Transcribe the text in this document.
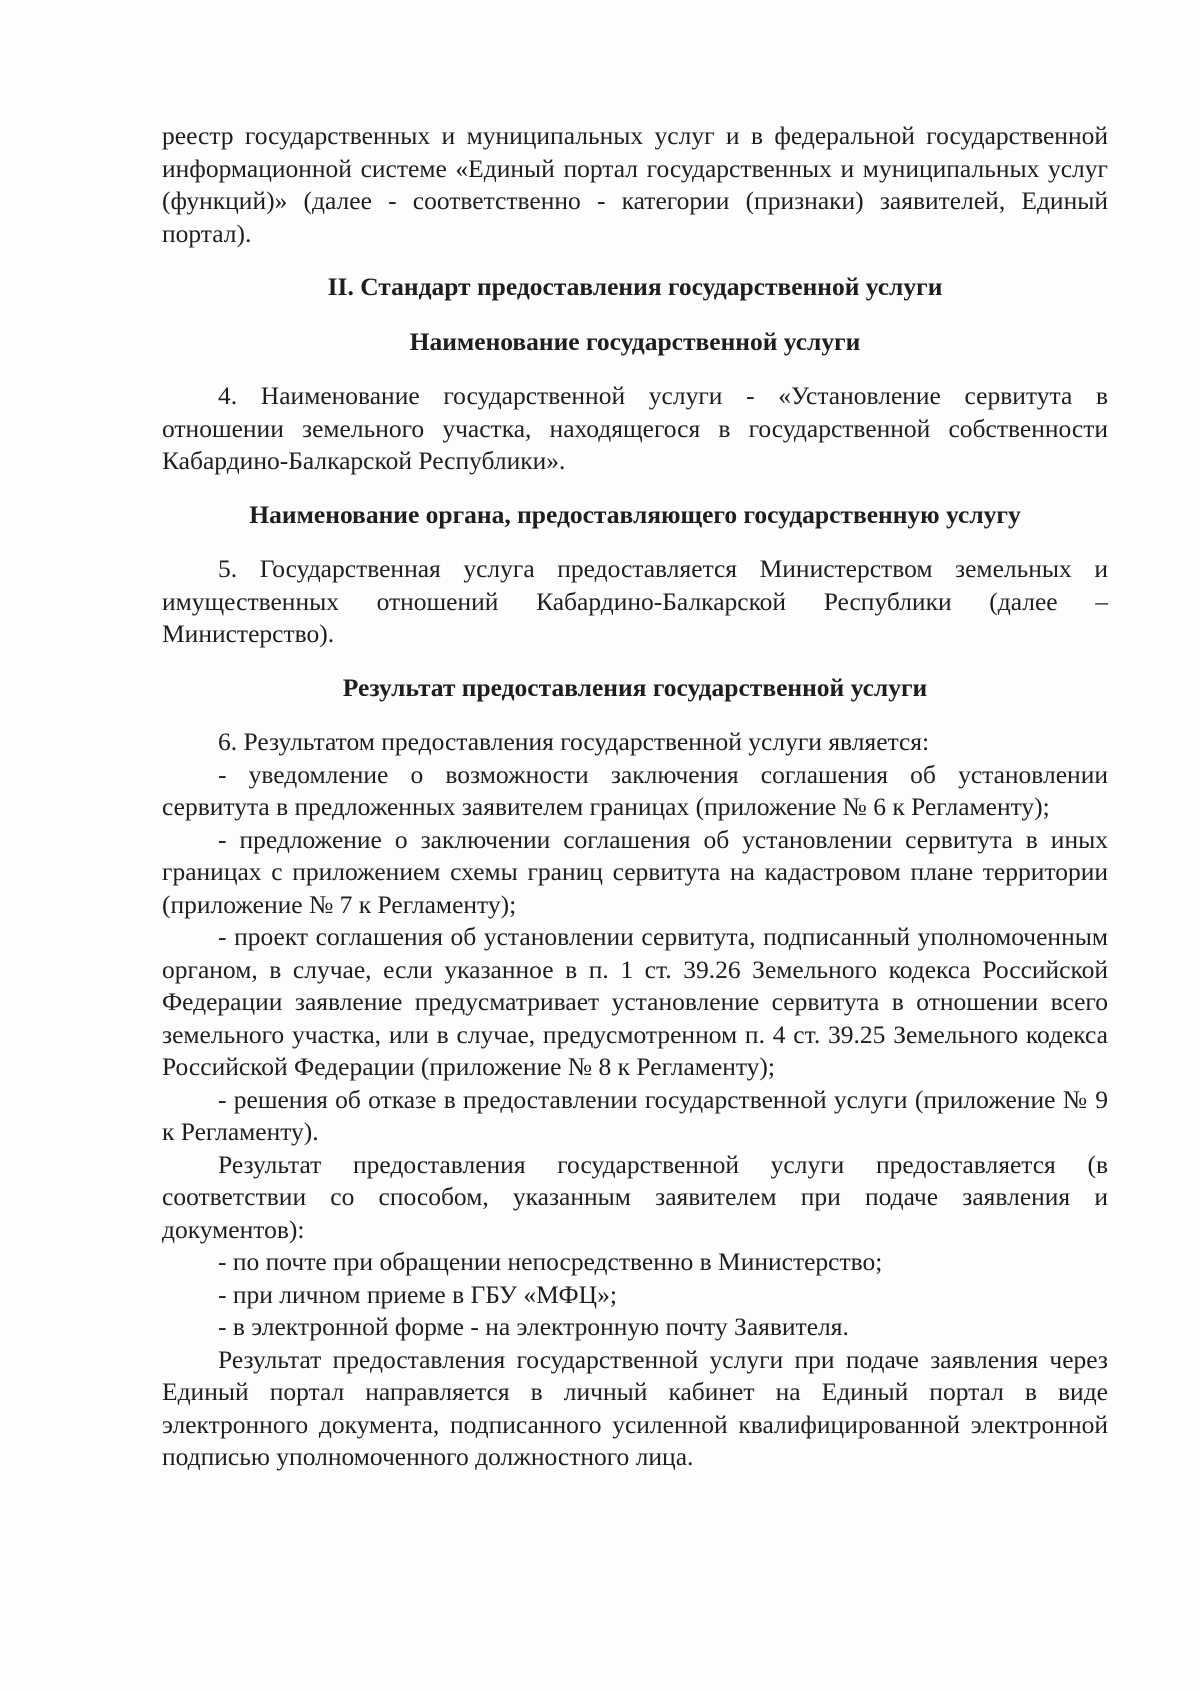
реестр государственных и муниципальных услуг и в федеральной государственной информационной системе «Единый портал государственных и муниципальных услуг (функций)» (далее - соответственно - категории (признаки) заявителей, Единый портал).

II. Стандарт предоставления государственной услуги

Наименование государственной услуги

4. Наименование государственной услуги - «Установление сервитута в отношении земельного участка, находящегося в государственной собственности Кабардино-Балкарской Республики».

Наименование органа, предоставляющего государственную услугу

5. Государственная услуга предоставляется Министерством земельных и имущественных отношений Кабардино-Балкарской Республики (далее – Министерство).

Результат предоставления государственной услуги

6. Результатом предоставления государственной услуги является:

- уведомление о возможности заключения соглашения об установлении сервитута в предложенных заявителем границах (приложение № 6 к Регламенту);

- предложение о заключении соглашения об установлении сервитута в иных границах с приложением схемы границ сервитута на кадастровом плане территории (приложение № 7 к Регламенту);

- проект соглашения об установлении сервитута, подписанный уполномоченным органом, в случае, если указанное в п. 1 ст. 39.26 Земельного кодекса Российской Федерации заявление предусматривает установление сервитута в отношении всего земельного участка, или в случае, предусмотренном п. 4 ст. 39.25 Земельного кодекса Российской Федерации (приложение № 8 к Регламенту);

- решения об отказе в предоставлении государственной услуги (приложение № 9 к Регламенту).

Результат предоставления государственной услуги предоставляется (в соответствии со способом, указанным заявителем при подаче заявления и документов):

- по почте при обращении непосредственно в Министерство;

- при личном приеме в ГБУ «МФЦ»;

- в электронной форме - на электронную почту Заявителя.

Результат предоставления государственной услуги при подаче заявления через Единый портал направляется в личный кабинет на Единый портал в виде электронного документа, подписанного усиленной квалифицированной электронной подписью уполномоченного должностного лица.
